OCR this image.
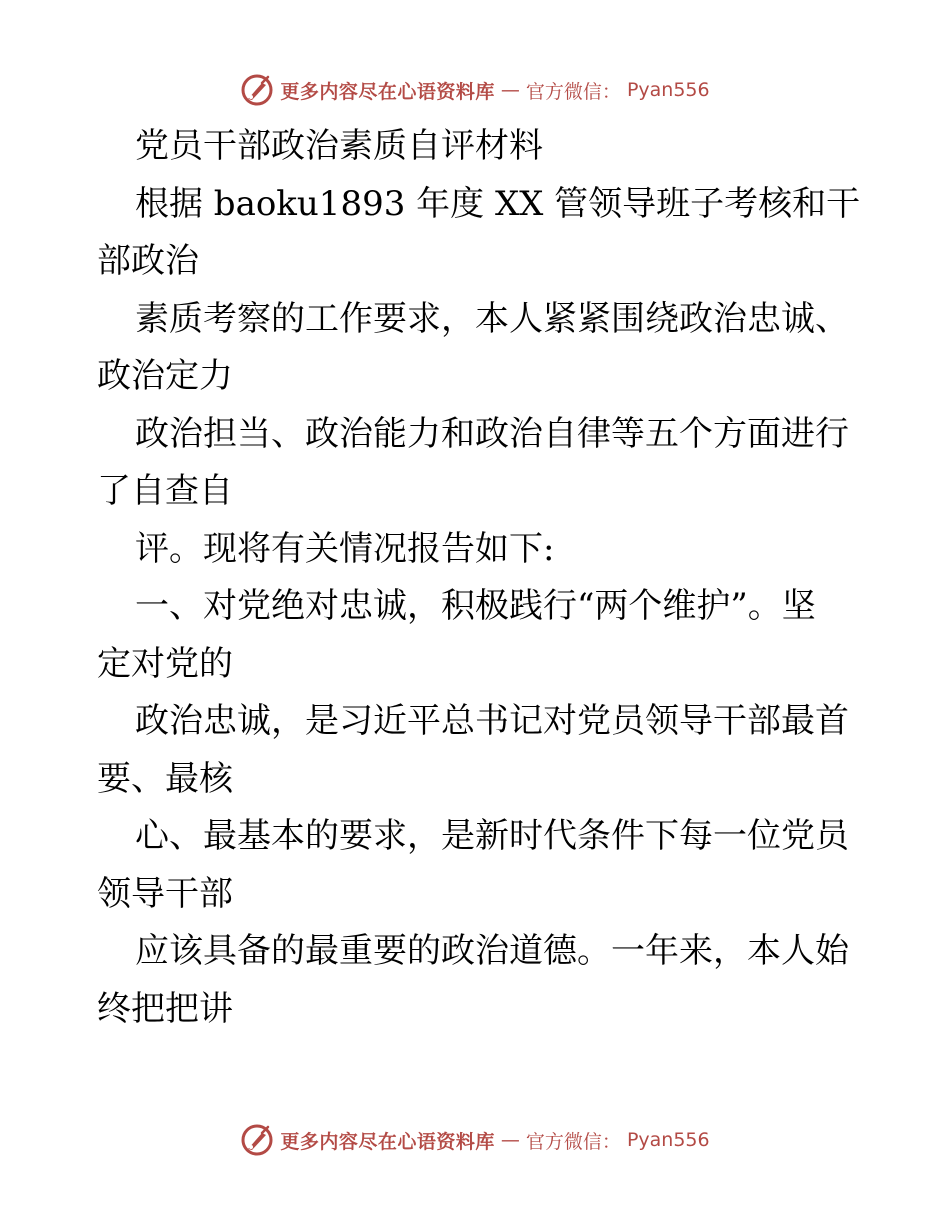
更多内容尽在心语资料库 — 官方微信： Pyan556
党员干部政治素质自评材料
根据 baoku1893 年度 XX 管领导班子考核和干
部政治
素质考察的工作要求，本人紧紧围绕政治忠诚、
政治定力
政治担当、政治能力和政治自律等五个方面进行
了自查自
评。现将有关情况报告如下:
一、对党绝对忠诚，积极践行“两个维护”。坚
定对党的
政治忠诚，是习近平总书记对党员领导干部最首
要、最核
心、最基本的要求，是新时代条件下每一位党员
领导干部
应该具备的最重要的政治道德。一年来，本人始
终把把讲
更多内容尽在心语资料库 — 官方微信： Pyan556
